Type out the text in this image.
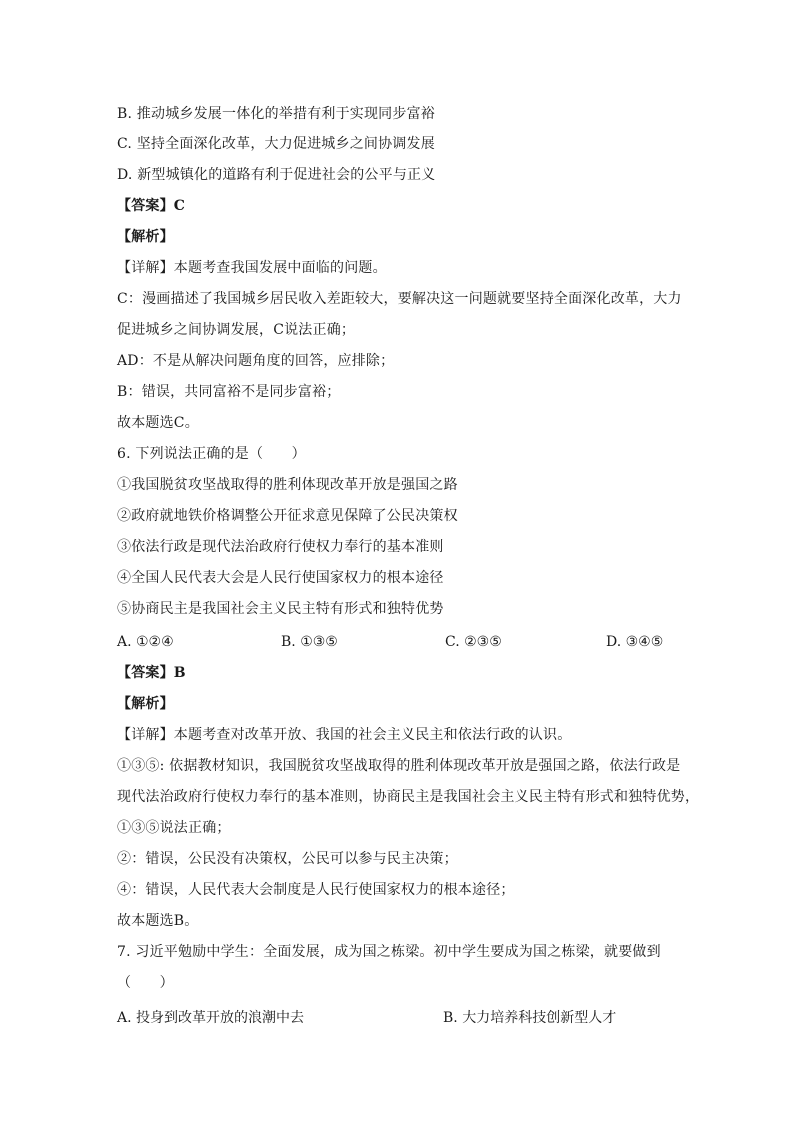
B. 推动城乡发展一体化的举措有利于实现同步富裕
C. 坚持全面深化改革，大力促进城乡之间协调发展
D. 新型城镇化的道路有利于促进社会的公平与正义
【答案】C
【解析】
【详解】本题考查我国发展中面临的问题。
C：漫画描述了我国城乡居民收入差距较大，要解决这一问题就要坚持全面深化改革，大力
促进城乡之间协调发展，C说法正确；
AD：不是从解决问题角度的回答，应排除；
B：错误，共同富裕不是同步富裕；
故本题选C。
6. 下列说法正确的是（　　）
①我国脱贫攻坚战取得的胜利体现改革开放是强国之路
②政府就地铁价格调整公开征求意见保障了公民决策权
③依法行政是现代法治政府行使权力奉行的基本准则
④全国人民代表大会是人民行使国家权力的根本途径
⑤协商民主是我国社会主义民主特有形式和独特优势
A. ①②④	B. ①③⑤	C. ②③⑤	D. ③④⑤
【答案】B
【解析】
【详解】本题考查对改革开放、我国的社会主义民主和依法行政的认识。
①③⑤: 依据教材知识，我国脱贫攻坚战取得的胜利体现改革开放是强国之路，依法行政是
现代法治政府行使权力奉行的基本准则，协商民主是我国社会主义民主特有形式和独特优势，
①③⑤说法正确；
②：错误，公民没有决策权，公民可以参与民主决策；
④：错误，人民代表大会制度是人民行使国家权力的根本途径；
故本题选B。
7. 习近平勉励中学生：全面发展，成为国之栋梁。初中学生要成为国之栋梁，就要做到
（　　）
A. 投身到改革开放的浪潮中去	B. 大力培养科技创新型人才
